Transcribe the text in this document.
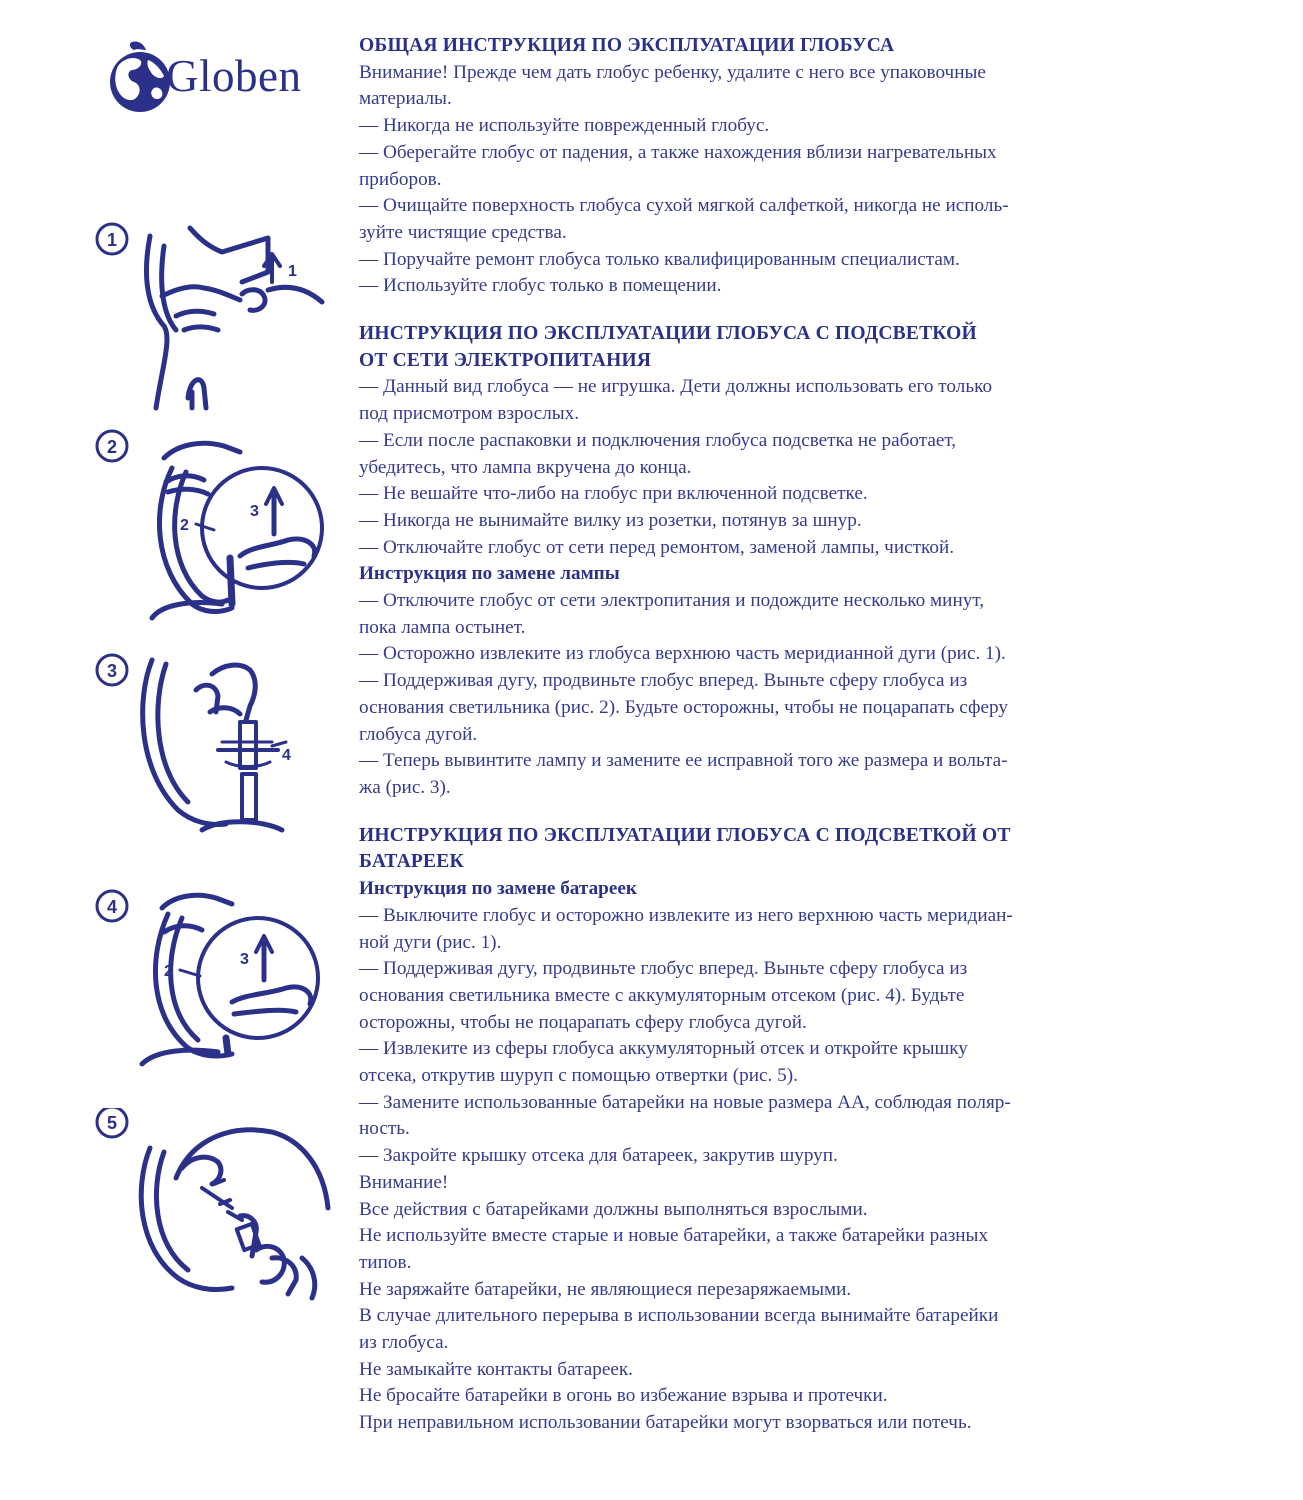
Globen
1
1
2
2
3
3
4
4
2
3
5

ОБЩАЯ ИНСТРУКЦИЯ ПО ЭКСПЛУАТАЦИИ ГЛОБУСА

Внимание! Прежде чем дать глобус ребенку, удалите с него все упаковочные

материалы.

— Никогда не используйте поврежденный глобус.

— Оберегайте глобус от падения, а также нахождения вблизи нагревательных

приборов.

— Очищайте поверхность глобуса сухой мягкой салфеткой, никогда не исполь-

зуйте чистящие средства.

— Поручайте ремонт глобуса только квалифицированным специалистам.

— Используйте глобус только в помещении.

ИНСТРУКЦИЯ ПО ЭКСПЛУАТАЦИИ ГЛОБУСА С ПОДСВЕТКОЙ

ОТ СЕТИ ЭЛЕКТРОПИТАНИЯ

— Данный вид глобуса — не игрушка. Дети должны использовать его только

под присмотром взрослых.

— Если после распаковки и подключения глобуса подсветка не работает,

убедитесь, что лампа вкручена до конца.

— Не вешайте что-либо на глобус при включенной подсветке.

— Никогда не вынимайте вилку из розетки, потянув за шнур.

— Отключайте глобус от сети перед ремонтом, заменой лампы, чисткой.

Инструкция по замене лампы

— Отключите глобус от сети электропитания и подождите несколько минут,

пока лампа остынет.

— Осторожно извлеките из глобуса верхнюю часть меридианной дуги (рис. 1).

— Поддерживая дугу, продвиньте глобус вперед. Выньте сферу глобуса из

основания светильника (рис. 2). Будьте осторожны, чтобы не поцарапать сферу

глобуса дугой.

— Теперь вывинтите лампу и замените ее исправной того же размера и вольта-

жа (рис. 3).

ИНСТРУКЦИЯ ПО ЭКСПЛУАТАЦИИ ГЛОБУСА С ПОДСВЕТКОЙ ОТ

БАТАРЕЕК

Инструкция по замене батареек

— Выключите глобус и осторожно извлеките из него верхнюю часть меридиан-

ной дуги (рис. 1).

— Поддерживая дугу, продвиньте глобус вперед. Выньте сферу глобуса из

основания светильника вместе с аккумуляторным отсеком (рис. 4). Будьте

осторожны, чтобы не поцарапать сферу глобуса дугой.

— Извлеките из сферы глобуса аккумуляторный отсек и откройте крышку

отсека, открутив шуруп с помощью отвертки (рис. 5).

— Замените использованные батарейки на новые размера АА, соблюдая поляр-

ность.

— Закройте крышку отсека для батареек, закрутив шуруп.

Внимание!

Все действия с батарейками должны выполняться взрослыми.

Не используйте вместе старые и новые батарейки, а также батарейки разных

типов.

Не заряжайте батарейки, не являющиеся перезаряжаемыми.

В случае длительного перерыва в использовании всегда вынимайте батарейки

из глобуса.

Не замыкайте контакты батареек.

Не бросайте батарейки в огонь во избежание взрыва и протечки.

При неправильном использовании батарейки могут взорваться или потечь.
